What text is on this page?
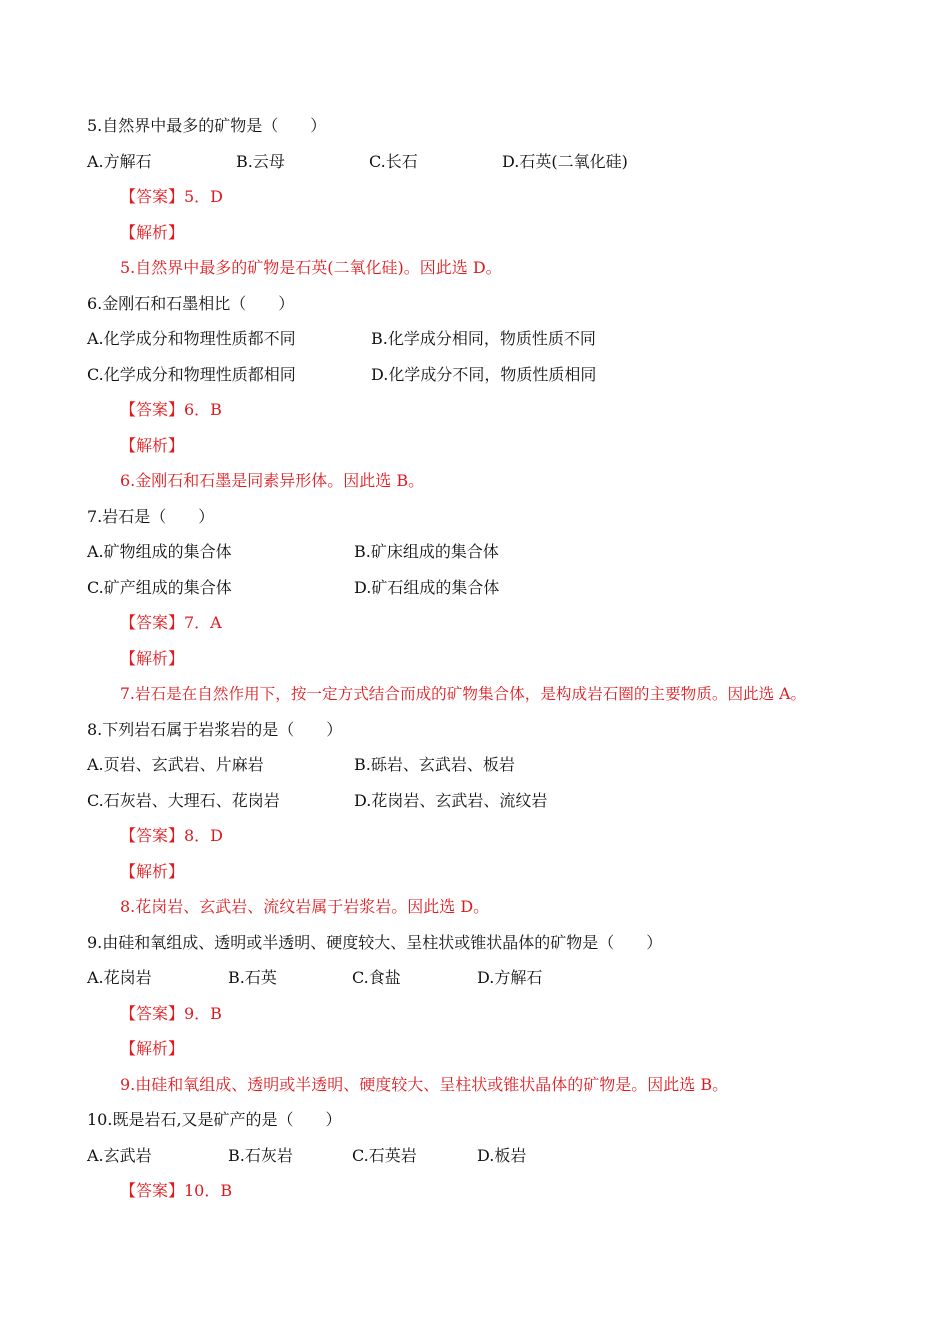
5.自然界中最多的矿物是（　　）
A.方解石	B.云母	C.长石	D.石英(二氧化硅)
【答案】5．D
【解析】
5.自然界中最多的矿物是石英(二氧化硅)。因此选 D。
6.金刚石和石墨相比（　　）
A.化学成分和物理性质都不同	B.化学成分相同，物质性质不同
C.化学成分和物理性质都相同	D.化学成分不同，物质性质相同
【答案】6．B
【解析】
6.金刚石和石墨是同素异形体。因此选 B。
7.岩石是（　　）
A.矿物组成的集合体	B.矿床组成的集合体
C.矿产组成的集合体	D.矿石组成的集合体
【答案】7．A
【解析】
7.岩石是在自然作用下，按一定方式结合而成的矿物集合体，是构成岩石圈的主要物质。因此选 A。
8.下列岩石属于岩浆岩的是（　　）
A.页岩、玄武岩、片麻岩	B.砾岩、玄武岩、板岩
C.石灰岩、大理石、花岗岩	D.花岗岩、玄武岩、流纹岩
【答案】8．D
【解析】
8.花岗岩、玄武岩、流纹岩属于岩浆岩。因此选 D。
9.由硅和氧组成、透明或半透明、硬度较大、呈柱状或锥状晶体的矿物是（　　）
A.花岗岩	B.石英	C.食盐	D.方解石
【答案】9．B
【解析】
9.由硅和氧组成、透明或半透明、硬度较大、呈柱状或锥状晶体的矿物是。因此选 B。
10.既是岩石,又是矿产的是（　　）
A.玄武岩	B.石灰岩	C.石英岩	D.板岩
【答案】10．B
